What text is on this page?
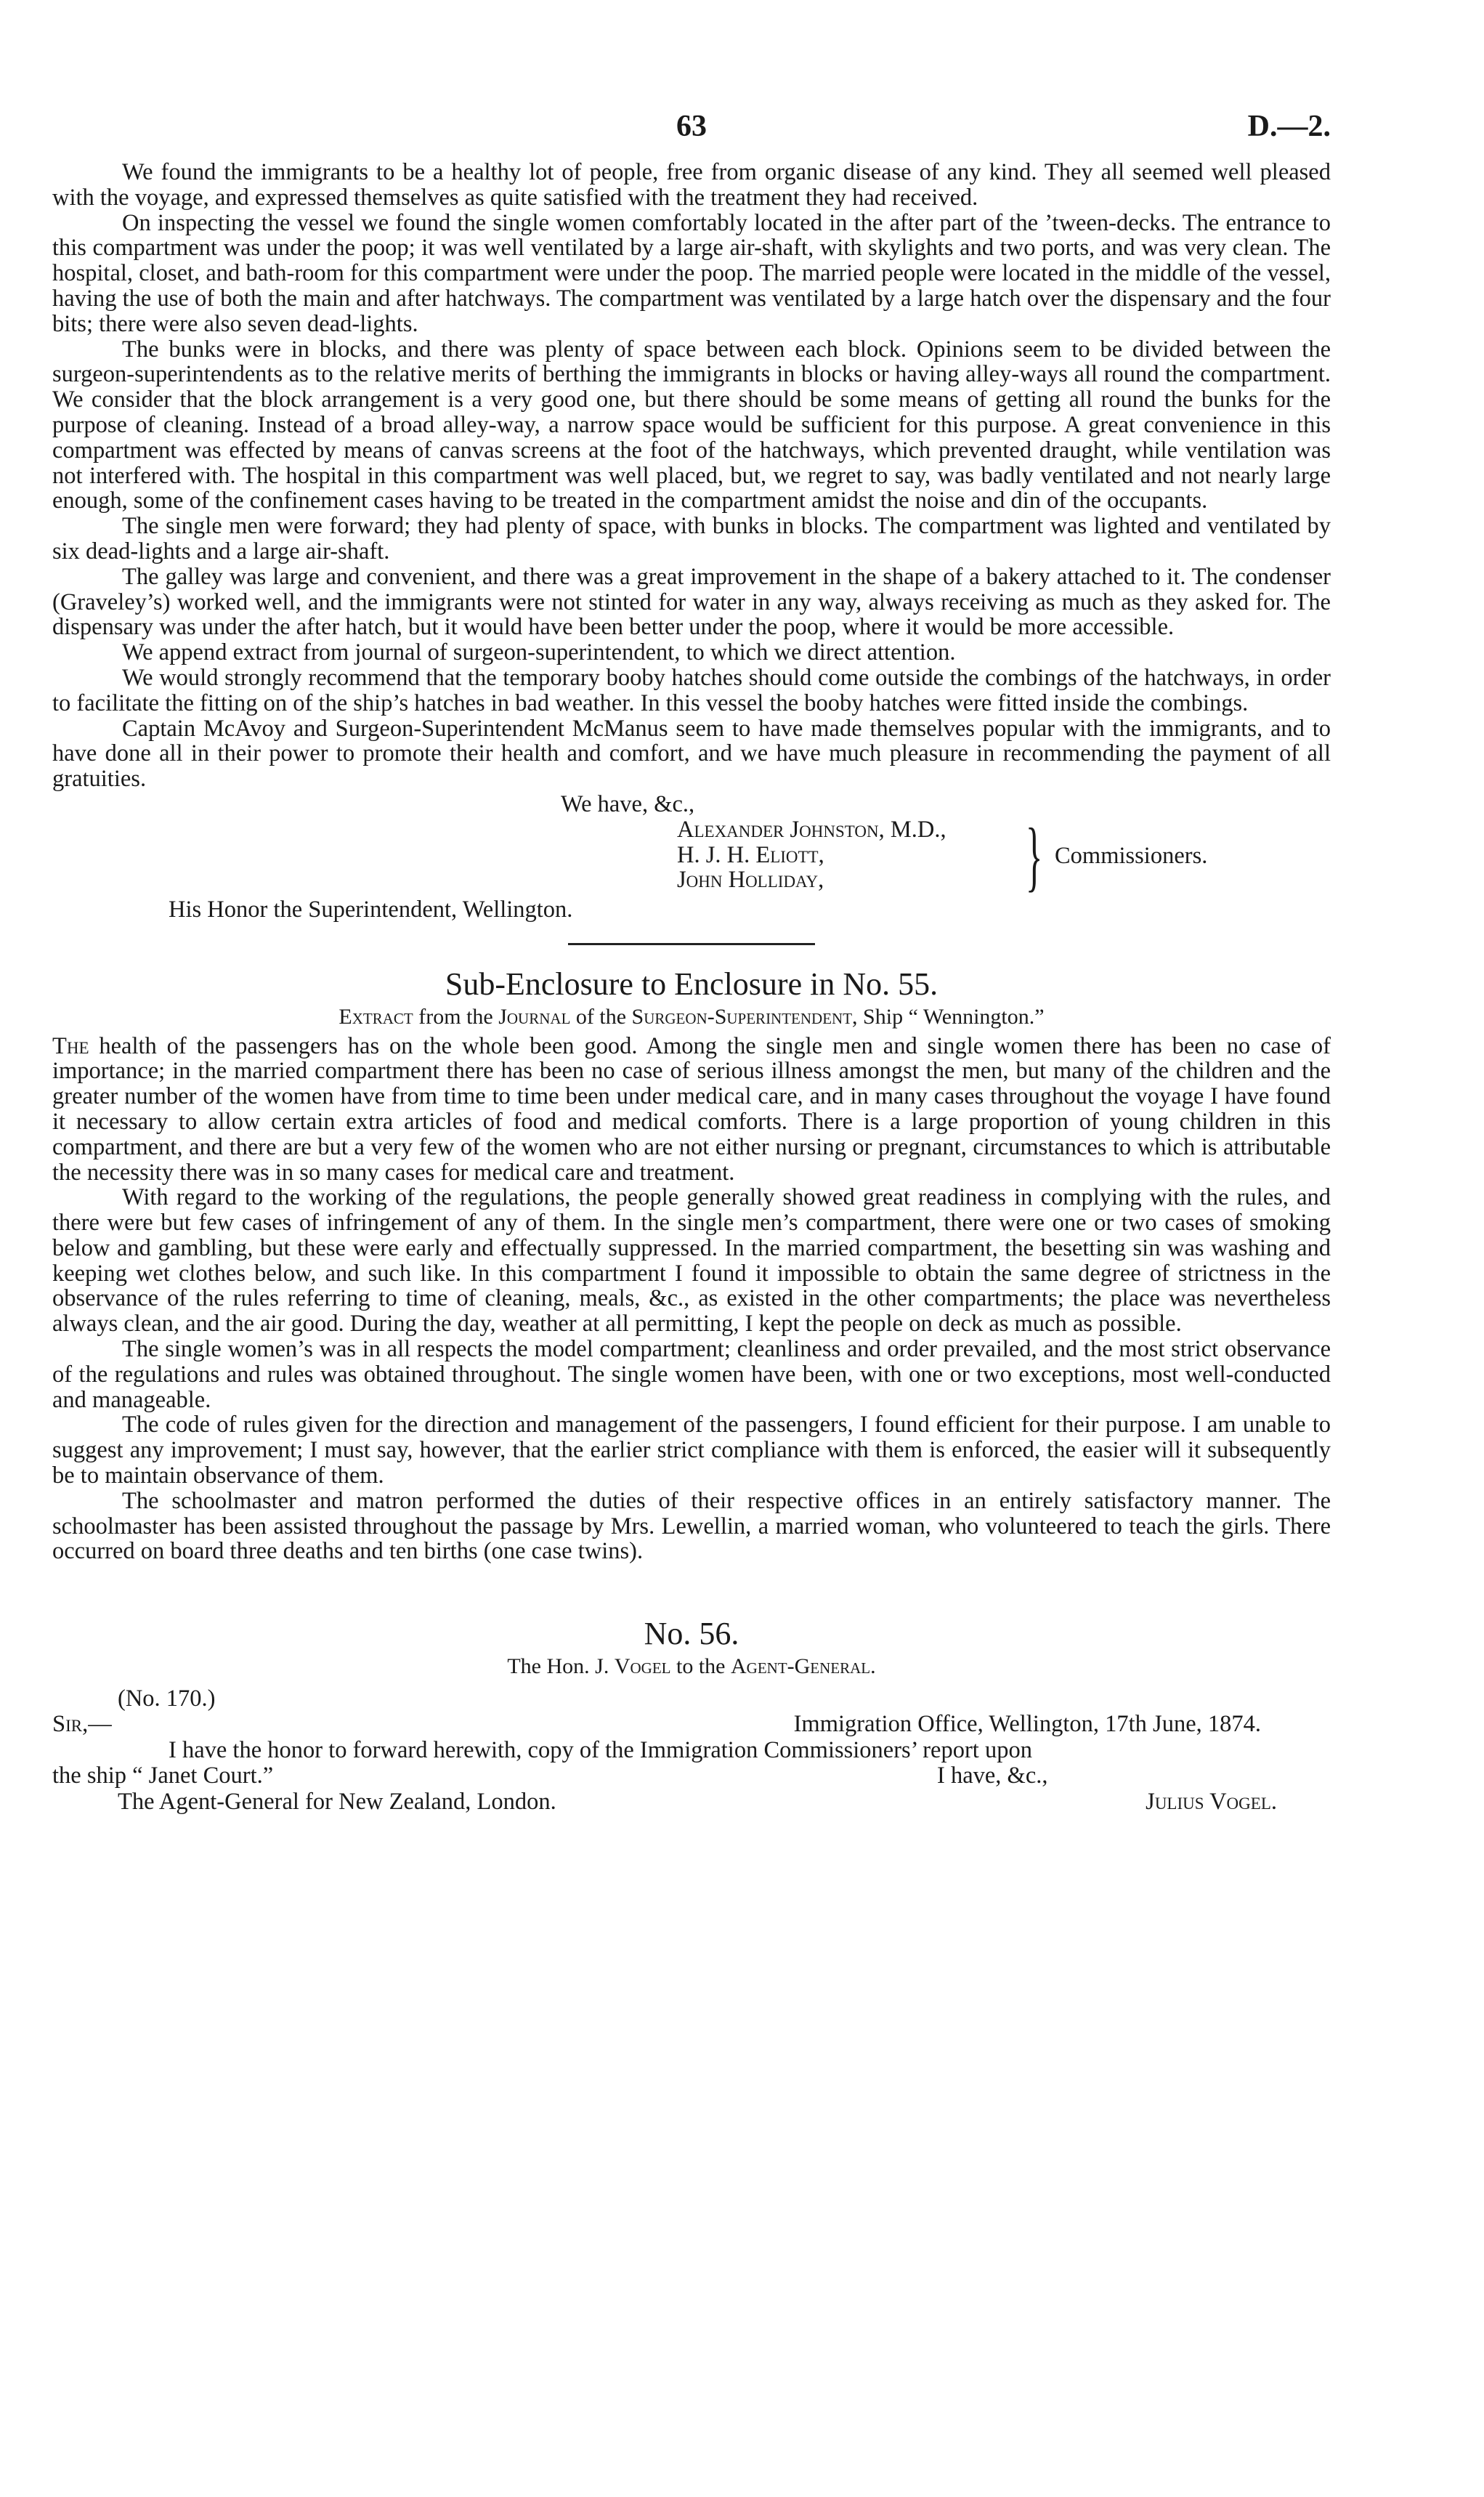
63	D.—2.

We found the immigrants to be a healthy lot of people, free from organic disease of any kind. They all seemed well pleased with the voyage, and expressed themselves as quite satisfied with the treatment they had received.

On inspecting the vessel we found the single women comfortably located in the after part of the ’tween-decks. The entrance to this compartment was under the poop; it was well ventilated by a large air-shaft, with skylights and two ports, and was very clean. The hospital, closet, and bath-room for this compartment were under the poop. The married people were located in the middle of the vessel, having the use of both the main and after hatchways. The compartment was ventilated by a large hatch over the dispensary and the four bits; there were also seven dead-lights.

The bunks were in blocks, and there was plenty of space between each block. Opinions seem to be divided between the surgeon-superintendents as to the relative merits of berthing the immigrants in blocks or having alley-ways all round the compartment. We consider that the block arrangement is a very good one, but there should be some means of getting all round the bunks for the purpose of cleaning. Instead of a broad alley-way, a narrow space would be sufficient for this purpose. A great convenience in this compartment was effected by means of canvas screens at the foot of the hatchways, which prevented draught, while ventilation was not interfered with. The hospital in this compartment was well placed, but, we regret to say, was badly ventilated and not nearly large enough, some of the confinement cases having to be treated in the compartment amidst the noise and din of the occupants.

The single men were forward; they had plenty of space, with bunks in blocks. The compartment was lighted and ventilated by six dead-lights and a large air-shaft.

The galley was large and convenient, and there was a great improvement in the shape of a bakery attached to it. The condenser (Graveley’s) worked well, and the immigrants were not stinted for water in any way, always receiving as much as they asked for. The dispensary was under the after hatch, but it would have been better under the poop, where it would be more accessible.

We append extract from journal of surgeon-superintendent, to which we direct attention.

We would strongly recommend that the temporary booby hatches should come outside the combings of the hatchways, in order to facilitate the fitting on of the ship’s hatches in bad weather. In this vessel the booby hatches were fitted inside the combings.

Captain McAvoy and Surgeon-Superintendent McManus seem to have made themselves popular with the immigrants, and to have done all in their power to promote their health and comfort, and we have much pleasure in recommending the payment of all gratuities.

We have, &c.,

Alexander Johnston, M.D.,
H. J. H. Eliott,
John Holliday,	} Commissioners.

His Honor the Superintendent, Wellington.

Sub-Enclosure to Enclosure in No. 55.

Extract from the Journal of the Surgeon-Superintendent, Ship “ Wennington.”

The health of the passengers has on the whole been good. Among the single men and single women there has been no case of importance; in the married compartment there has been no case of serious illness amongst the men, but many of the children and the greater number of the women have from time to time been under medical care, and in many cases throughout the voyage I have found it necessary to allow certain extra articles of food and medical comforts. There is a large proportion of young children in this compartment, and there are but a very few of the women who are not either nursing or pregnant, circumstances to which is attributable the necessity there was in so many cases for medical care and treatment.

With regard to the working of the regulations, the people generally showed great readiness in complying with the rules, and there were but few cases of infringement of any of them. In the single men’s compartment, there were one or two cases of smoking below and gambling, but these were early and effectually suppressed. In the married compartment, the besetting sin was washing and keeping wet clothes below, and such like. In this compartment I found it impossible to obtain the same degree of strictness in the observance of the rules referring to time of cleaning, meals, &c., as existed in the other compartments; the place was nevertheless always clean, and the air good. During the day, weather at all permitting, I kept the people on deck as much as possible.

The single women’s was in all respects the model compartment; cleanliness and order prevailed, and the most strict observance of the regulations and rules was obtained throughout. The single women have been, with one or two exceptions, most well-conducted and manageable.

The code of rules given for the direction and management of the passengers, I found efficient for their purpose. I am unable to suggest any improvement; I must say, however, that the earlier strict compliance with them is enforced, the easier will it subsequently be to maintain observance of them.

The schoolmaster and matron performed the duties of their respective offices in an entirely satisfactory manner. The schoolmaster has been assisted throughout the passage by Mrs. Lewellin, a married woman, who volunteered to teach the girls. There occurred on board three deaths and ten births (one case twins).

No. 56.

The Hon. J. Vogel to the Agent-General.

(No. 170.)

Sir,—	Immigration Office, Wellington, 17th June, 1874.

I have the honor to forward herewith, copy of the Immigration Commissioners’ report upon

the ship “ Janet Court.”	I have, &c.,
The Agent-General for New Zealand, London.	Julius Vogel.
